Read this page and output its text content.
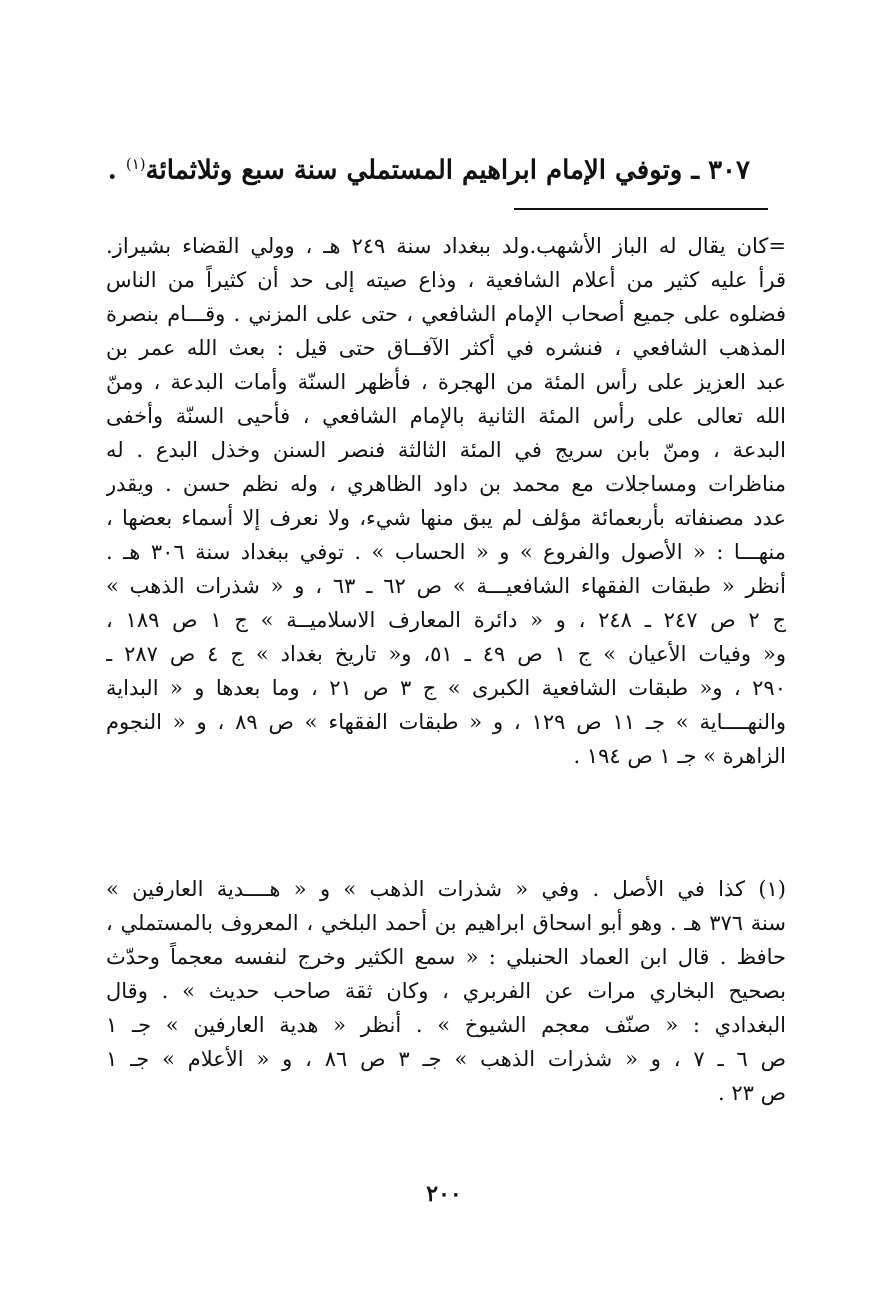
٣٠٧ ـ وتوفي الإمام ابراهيم المستملي سنة سبع وثلاثمائة$^{(١)}$ .
=كان يقال له الباز الأشهب.ولد ببغداد سنة ٢٤٩ هـ ، وولي القضاء بشيراز.
قرأ عليه كثير من أعلام الشافعية ، وذاع صيته إلى حد أن كثيراً من الناس
فضلوه على جميع أصحاب الإمام الشافعي ، حتى على المزني . وقـــام بنصرة
المذهب الشافعي ، فنشره في أكثر الآفــاق حتى قيل : بعث الله عمر بن
عبد العزيز على رأس المئة من الهجرة ، فأظهر السنّة وأمات البدعة ، ومنّ
الله تعالى على رأس المئة الثانية بالإمام الشافعي ، فأحيى السنّة وأخفى
البدعة ، ومنّ بابن سريج في المئة الثالثة فنصر السنن وخذل البدع . له
مناظرات ومساجلات مع محمد بن داود الظاهري ، وله نظم حسن . ويقدر
عدد مصنفاته بأربعمائة مؤلف لم يبق منها شيء، ولا نعرف إلا أسماء بعضها ،
منهـــا : « الأصول والفروع » و « الحساب » . توفي ببغداد سنة ٣٠٦ هـ .
أنظر « طبقات الفقهاء الشافعيـــة » ص ٦٢ ـ ٦٣ ، و « شذرات الذهب »
ج ٢ ص ٢٤٧ ـ ٢٤٨ ، و « دائرة المعارف الاسلاميــة » ج ١ ص ١٨٩ ،
و« وفيات الأعيان » ج ١ ص ٤٩ ـ ٥١، و« تاريخ بغداد » ج ٤ ص ٢٨٧ ـ
٢٩٠ ، و« طبقات الشافعية الكبرى » ج ٣ ص ٢١ ، وما بعدها و « البداية
والنهــــاية » جـ ١١ ص ١٢٩ ، و « طبقات الفقهاء » ص ٨٩ ، و « النجوم
الزاهرة » جـ ١ ص ١٩٤ .
(١) كذا في الأصل . وفي « شذرات الذهب » و « هــــدية العارفين »
سنة ٣٧٦ هـ . وهو أبو اسحاق ابراهيم بن أحمد البلخي ، المعروف بالمستملي ،
حافظ . قال ابن العماد الحنبلي : « سمع الكثير وخرج لنفسه معجماً وحدّث
بصحيح البخاري مرات عن الفربري ، وكان ثقة صاحب حديث » . وقال
البغدادي : « صنّف معجم الشيوخ » . أنظر « هدية العارفين » جـ ١
ص ٦ ـ ٧ ، و « شذرات الذهب » جـ ٣ ص ٨٦ ، و « الأعلام » جـ ١
ص ٢٣ .
٢٠٠
